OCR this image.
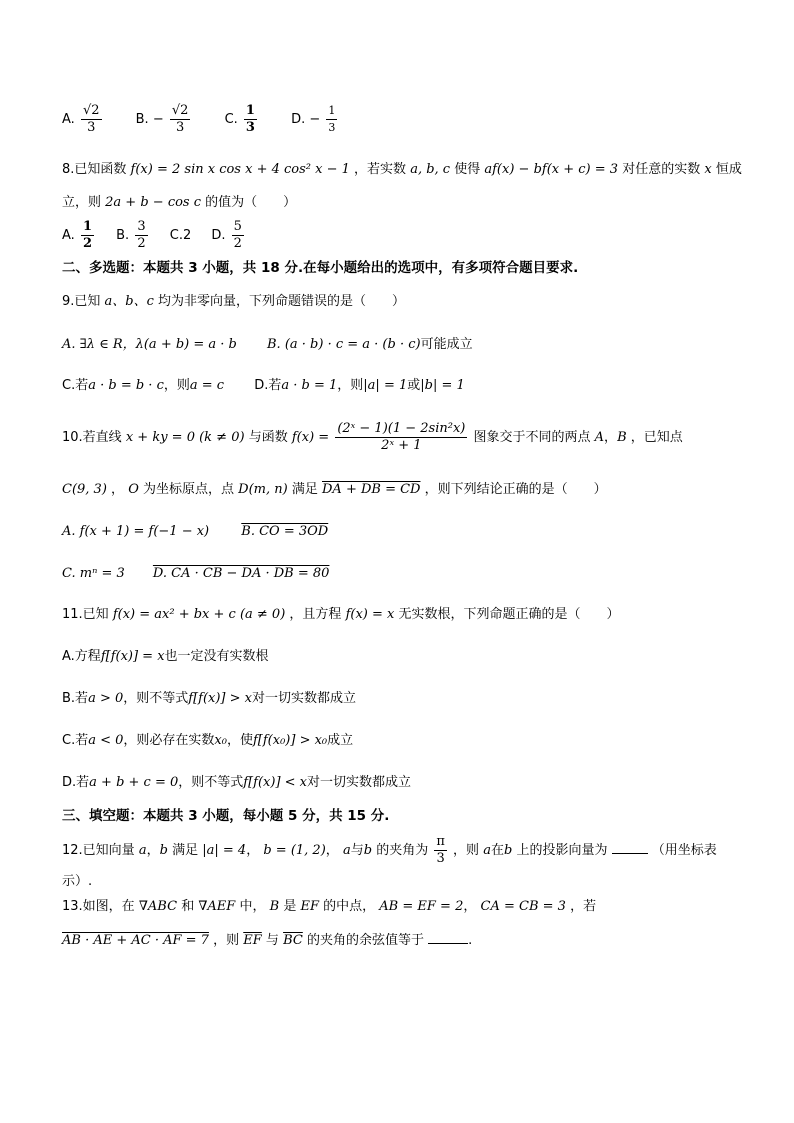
A. $\frac{√2}{3}$	B. − $\frac{√2}{3}$	C. $\frac{1}{3}$	D. − $\frac{1}{3}$
8.已知函数 f(x) = 2 sin x cos x + 4 cos² x − 1 ，若实数 a, b, c 使得 af(x) − bf(x + c) = 3 对任意的实数 x 恒成
立，则 2a + b − cos c 的值为（　　）
A. $\frac{1}{2} B$. $\frac{3}{2} C.2$ D. $\frac{5}{2}$
二、多选题：本题共 3 小题，共 18 分.在每小题给出的选项中，有多项符合题目要求.
9.已知 a、b、c 均为非零向量，下列命题错误的是（　　）
A. ∃λ ∈ R，λ(a + b) = a · b B. (a · b) · c = a · (b · c)可能成立
C.若a · b = b · c，则a = c D.若a · b = 1，则|a| = 1或|b| = 1
10.若直线 x + ky = 0 (k ≠ 0) 与函数 $f(x) = \frac{\text{(2ˣ − 1)(1 − 2sin²x)}}{\text{2ˣ + 1}}$ 图象交于不同的两点 A，B ，已知点
C(9, 3) ， O 为坐标原点，点 D(m, n) 满足 DA + DB = CD ，则下列结论正确的是（　　）
A. f(x + 1) = f(−1 − x) B. CO = 3OD
C. mⁿ = 3 D. CA · CB − DA · DB = 80
11.已知 f(x) = ax² + bx + c (a ≠ 0) ，且方程 f(x) = x 无实数根，下列命题正确的是（　　）
A.方程f[f(x)] = x也一定没有实数根
B.若a > 0，则不等式f[f(x)] > x对一切实数都成立
C.若a < 0，则必存在实数x₀，使f[f(x₀)] > x₀成立
D.若a + b + c = 0，则不等式f[f(x)] < x对一切实数都成立
三、填空题：本题共 3 小题，每小题 5 分，共 15 分.
12.已知向量 a，b 满足 |a| = 4， b = (1, 2)， a与b 的夹角为 $\frac{\pi}{3}$ ，则 a在b 上的投影向量为	（用坐标表
示）.
13.如图，在 ∇ABC 和 ∇AEF 中， B 是 EF 的中点， AB = EF = 2， CA = CB = 3 ，若
AB · AE + AC · AF = 7 ，则 $\overline{EF}$ 与 $\overline{BC}$ 的夹角的余弦值等于	.
